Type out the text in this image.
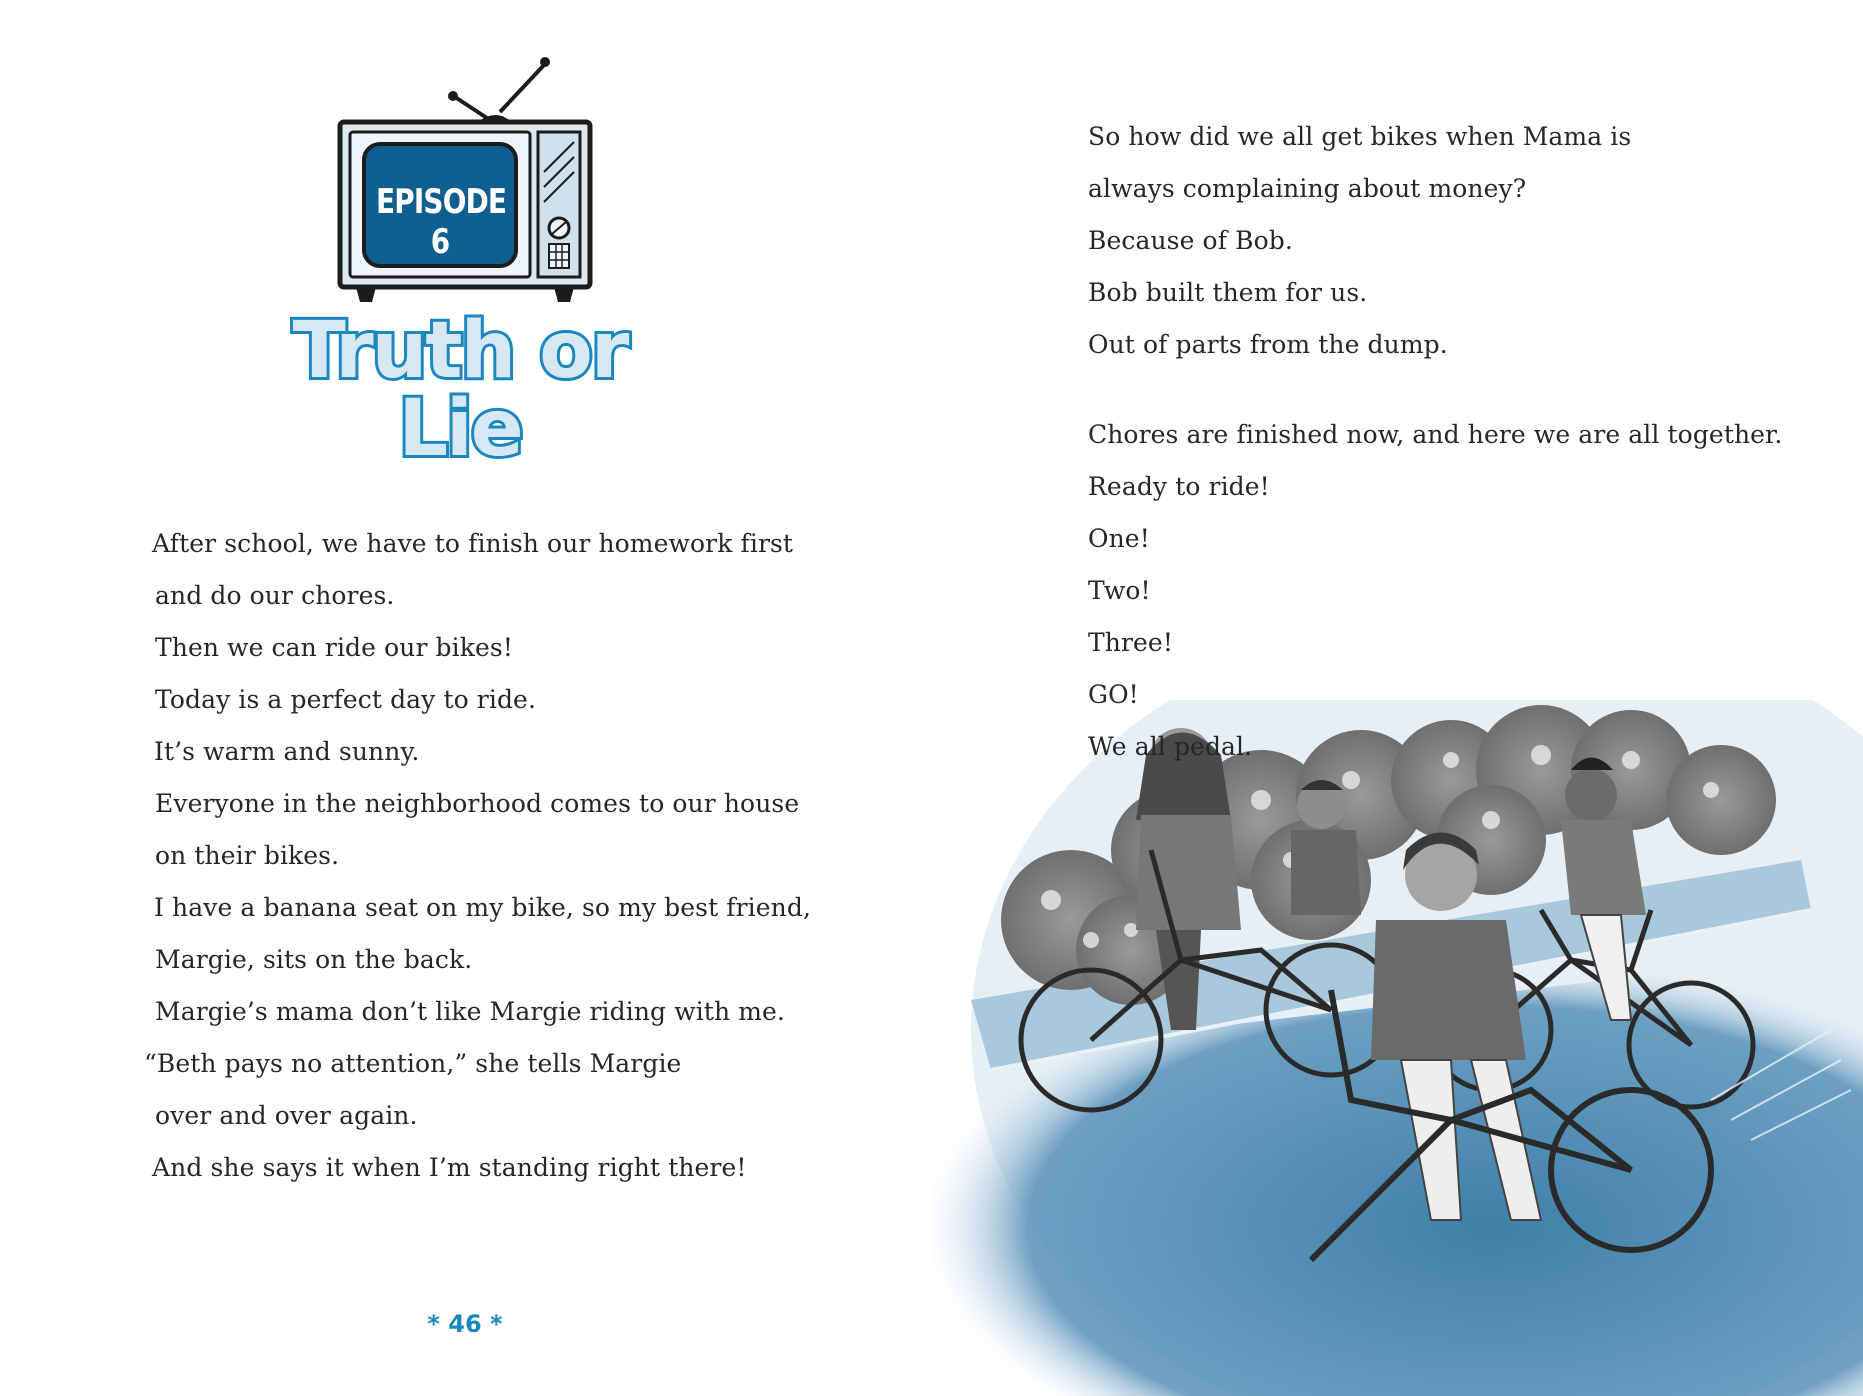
EPISODE 6
Truth or Lie
After school, we have to finish our homework first
and do our chores.
Then we can ride our bikes!
Today is a perfect day to ride.
It’s warm and sunny.
Everyone in the neighborhood comes to our house
on their bikes.
I have a banana seat on my bike, so my best friend,
Margie, sits on the back.
Margie’s mama don’t like Margie riding with me.
“Beth pays no attention,” she tells Margie
over and over again.
And she says it when I’m standing right there!
* 46 *
So how did we all get bikes when Mama is
always complaining about money?
Because of Bob.
Bob built them for us.
Out of parts from the dump.
Chores are finished now, and here we are all together.
Ready to ride!
One!
Two!
Three!
GO!
We all pedal.
